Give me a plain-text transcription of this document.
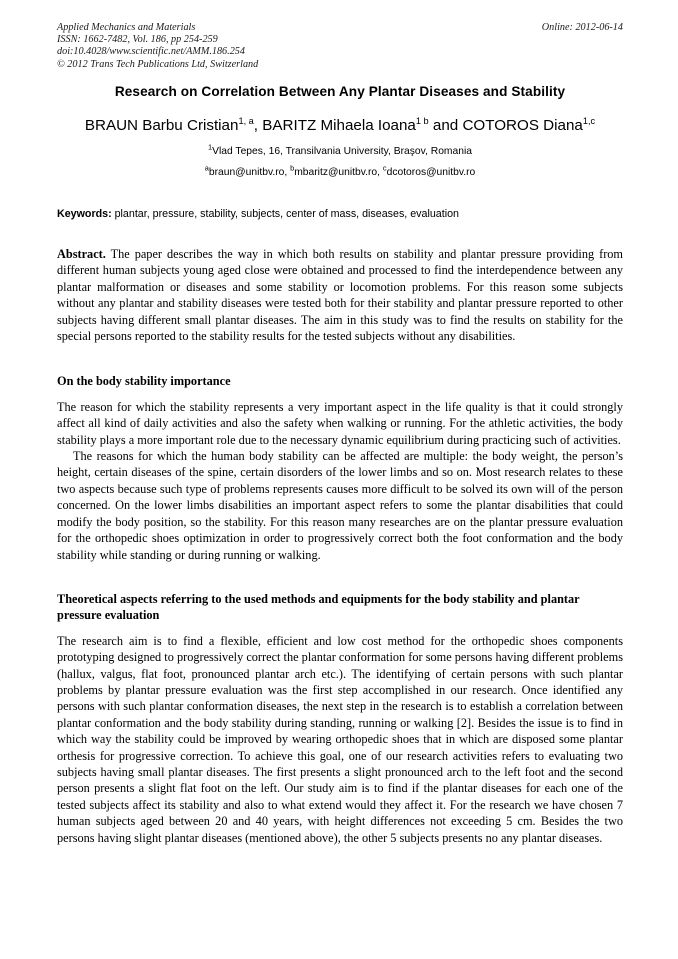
Applied Mechanics and Materials
ISSN: 1662-7482, Vol. 186, pp 254-259
doi:10.4028/www.scientific.net/AMM.186.254
© 2012 Trans Tech Publications Ltd, Switzerland
Online: 2012-06-14
Research on Correlation Between Any Plantar Diseases and Stability
BRAUN Barbu Cristian$^{1, a}$, BARITZ Mihaela Ioana$^{1 b}$ and COTOROS Diana$^{1,c}$
$^1$Vlad Tepes, 16, Transilvania University, Braşov, Romania
$^a$braun@unitbv.ro, $^b$mbaritz@unitbv.ro, $^c$dcotoros@unitbv.ro
Keywords: plantar, pressure, stability, subjects, center of mass, diseases, evaluation

Abstract. The paper describes the way in which both results on stability and plantar pressure providing from different human subjects young aged close were obtained and processed to find the interdependence between any plantar malformation or diseases and some stability or locomotion problems. For this reason some subjects without any plantar and stability diseases were tested both for their stability and plantar pressure reported to other subjects having different small plantar diseases. The aim in this study was to find the results on stability for the special persons reported to the stability results for the tested subjects without any disabilities.

On the body stability importance

The reason for which the stability represents a very important aspect in the life quality is that it could strongly affect all kind of daily activities and also the safety when walking or running. For the athletic activities, the body stability plays a more important role due to the necessary dynamic equilibrium during practicing such of activities.

The reasons for which the human body stability can be affected are multiple: the body weight, the person’s height, certain diseases of the spine, certain disorders of the lower limbs and so on. Most research relates to these two aspects because such type of problems represents causes more difficult to be solved its own will of the person concerned. On the lower limbs disabilities an important aspect refers to some the plantar disabilities that could modify the body position, so the stability. For this reason many researches are on the plantar pressure evaluation for the orthopedic shoes optimization in order to progressively correct both the foot conformation and the body stability while standing or during running or walking.

Theoretical aspects referring to the used methods and equipments for the body stability and plantar pressure evaluation

The research aim is to find a flexible, efficient and low cost method for the orthopedic shoes components prototyping designed to progressively correct the plantar conformation for some persons having different problems (hallux, valgus, flat foot, pronounced plantar arch etc.). The identifying of certain persons with such plantar problems by plantar pressure evaluation was the first step accomplished in our research. Once identified any persons with such plantar conformation diseases, the next step in the research is to establish a correlation between plantar conformation and the body stability during standing, running or walking [2]. Besides the issue is to find in which way the stability could be improved by wearing orthopedic shoes that in which are disposed some plantar orthesis for progressive correction. To achieve this goal, one of our research activities refers to evaluating two subjects having small plantar diseases. The first presents a slight pronounced arch to the left foot and the second person presents a slight flat foot on the left. Our study aim is to find if the plantar diseases for each one of the tested subjects affect its stability and also to what extend would they affect it. For the research we have chosen 7 human subjects aged between 20 and 40 years, with height differences not exceeding 5 cm. Besides the two persons having slight plantar diseases (mentioned above), the other 5 subjects presents no any plantar diseases.
